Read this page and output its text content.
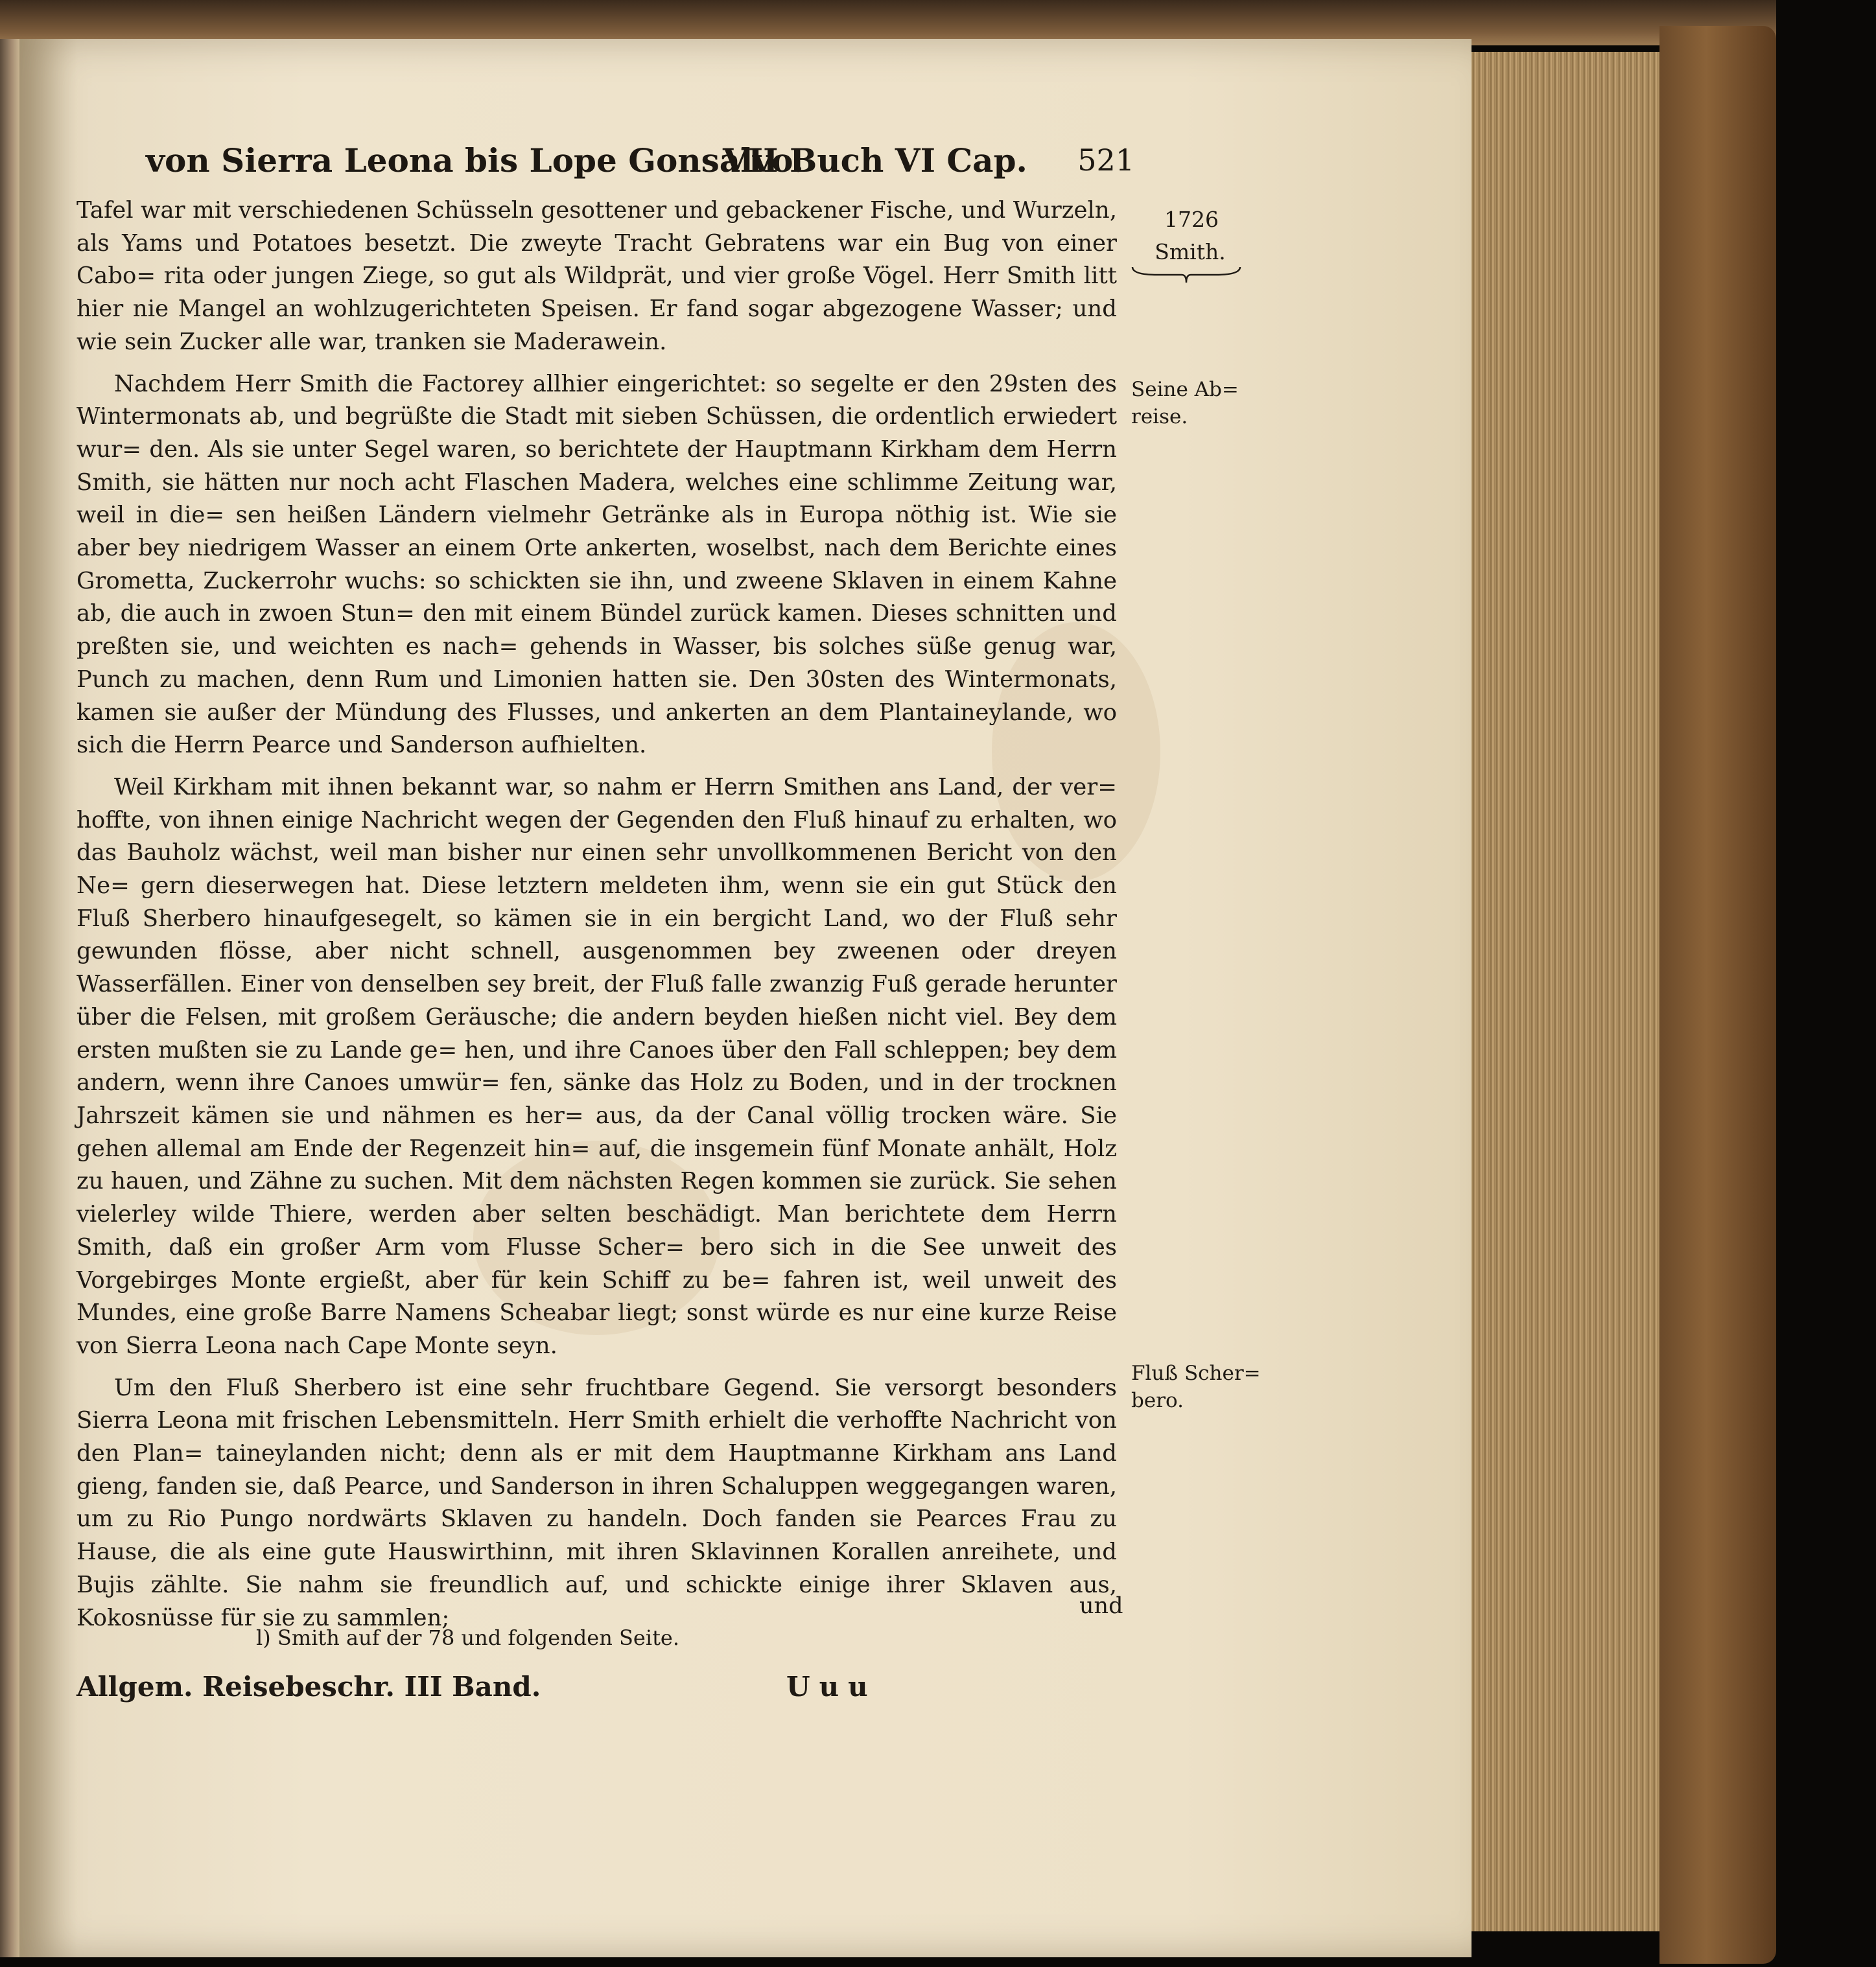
von Sierra Leona bis Lope Gonsalvo.
VII Buch VI Cap. 521

Tafel war mit verschiedenen Schüsseln gesottener und gebackener Fische, und Wurzeln, als Yams und Potatoes besetzt. Die zweyte Tracht Gebratens war ein Bug von einer Cabo= rita oder jungen Ziege, so gut als Wildprät, und vier große Vögel. Herr Smith litt hier nie Mangel an wohlzugerichteten Speisen. Er fand sogar abgezogene Wasser; und wie sein Zucker alle war, tranken sie Maderawein.

Nachdem Herr Smith die Factorey allhier eingerichtet: so segelte er den 29sten des Wintermonats ab, und begrüßte die Stadt mit sieben Schüssen, die ordentlich erwiedert wur= den. Als sie unter Segel waren, so berichtete der Hauptmann Kirkham dem Herrn Smith, sie hätten nur noch acht Flaschen Madera, welches eine schlimme Zeitung war, weil in die= sen heißen Ländern vielmehr Getränke als in Europa nöthig ist. Wie sie aber bey niedrigem Wasser an einem Orte ankerten, woselbst, nach dem Berichte eines Grometta, Zuckerrohr wuchs: so schickten sie ihn, und zweene Sklaven in einem Kahne ab, die auch in zwoen Stun= den mit einem Bündel zurück kamen. Dieses schnitten und preßten sie, und weichten es nach= gehends in Wasser, bis solches süße genug war, Punch zu machen, denn Rum und Limonien hatten sie. Den 30sten des Wintermonats, kamen sie außer der Mündung des Flusses, und ankerten an dem Plantaineylande, wo sich die Herrn Pearce und Sanderson aufhielten.

Weil Kirkham mit ihnen bekannt war, so nahm er Herrn Smithen ans Land, der ver= hoffte, von ihnen einige Nachricht wegen der Gegenden den Fluß hinauf zu erhalten, wo das Bauholz wächst, weil man bisher nur einen sehr unvollkommenen Bericht von den Ne= gern dieserwegen hat. Diese letztern meldeten ihm, wenn sie ein gut Stück den Fluß Sherbero hinaufgesegelt, so kämen sie in ein bergicht Land, wo der Fluß sehr gewunden flösse, aber nicht schnell, ausgenommen bey zweenen oder dreyen Wasserfällen. Einer von denselben sey breit, der Fluß falle zwanzig Fuß gerade herunter über die Felsen, mit großem Geräusche; die andern beyden hießen nicht viel. Bey dem ersten mußten sie zu Lande ge= hen, und ihre Canoes über den Fall schleppen; bey dem andern, wenn ihre Canoes umwür= fen, sänke das Holz zu Boden, und in der trocknen Jahrszeit kämen sie und nähmen es her= aus, da der Canal völlig trocken wäre. Sie gehen allemal am Ende der Regenzeit hin= auf, die insgemein fünf Monate anhält, Holz zu hauen, und Zähne zu suchen. Mit dem nächsten Regen kommen sie zurück. Sie sehen vielerley wilde Thiere, werden aber selten beschädigt. Man berichtete dem Herrn Smith, daß ein großer Arm vom Flusse Scher= bero sich in die See unweit des Vorgebirges Monte ergießt, aber für kein Schiff zu be= fahren ist, weil unweit des Mundes, eine große Barre Namens Scheabar liegt; sonst würde es nur eine kurze Reise von Sierra Leona nach Cape Monte seyn.

Um den Fluß Sherbero ist eine sehr fruchtbare Gegend. Sie versorgt besonders Sierra Leona mit frischen Lebensmitteln. Herr Smith erhielt die verhoffte Nachricht von den Plan= taineylanden nicht; denn als er mit dem Hauptmanne Kirkham ans Land gieng, fanden sie, daß Pearce, und Sanderson in ihren Schaluppen weggegangen waren, um zu Rio Pungo nordwärts Sklaven zu handeln. Doch fanden sie Pearces Frau zu Hause, die als eine gute Hauswirthinn, mit ihren Sklavinnen Korallen anreihete, und Bujis zählte. Sie nahm sie freundlich auf, und schickte einige ihrer Sklaven aus, Kokosnüsse für sie zu sammlen;

1726
Smith.
Seine Ab= reise.
Fluß Scher= bero.
und
l) Smith auf der 78 und folgenden Seite.
Allgem. Reisebeschr. III Band.	Uuu
